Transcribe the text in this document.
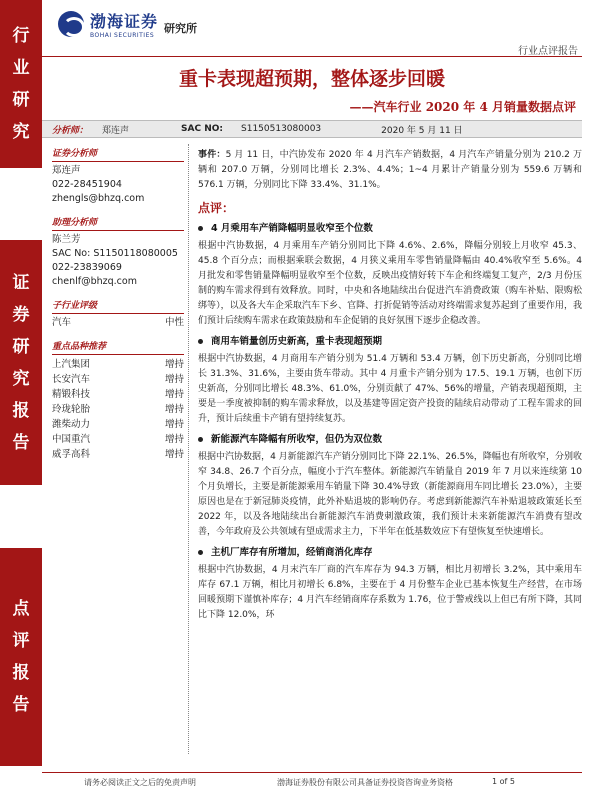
行
业
研
究
证
券
研
究
报
告
点
评
报
告
渤海证券
BOHAI SECURITIES
研究所
行业点评报告
重卡表现超预期，整体逐步回暖
——汽车行业 2020 年 4 月销量数据点评
分析师： 郑连声	SAC NO: S1150513080003	2020 年 5 月 11 日
证券分析师
郑连声
022-28451904
zhengls@bhzq.com
助理分析师
陈兰芳
SAC No: S1150118080005
022-23839069
chenlf@bhzq.com
子行业评级
汽车	中性
重点品种推荐
上汽集团	增持
长安汽车	增持
精锻科技	增持
玲珑轮胎	增持
潍柴动力	增持
中国重汽	增持
威孚高科	增持

事件：5 月 11 日，中汽协发布 2020 年 4 月汽车产销数据，4 月汽车产销量分别为 210.2 万辆和 207.0 万辆，分别同比增长 2.3%、4.4%；1~4 月累计产销量分别为 559.6 万辆和 576.1 万辆，分别同比下降 33.4%、31.1%。

点评：
4 月乘用车产销降幅明显收窄至个位数

根据中汽协数据，4 月乘用车产销分别同比下降 4.6%、2.6%，降幅分别较上月收窄 45.3、45.8 个百分点；而根据乘联会数据，4 月狭义乘用车零售销量降幅由 40.4%收窄至 5.6%。4 月批发和零售销量降幅明显收窄至个位数，反映出疫情好转下车企和终端复工复产，2/3 月份压制的购车需求得到有效释放。同时，中央和各地陆续出台促进汽车消费政策（购车补贴、限购松绑等），以及各大车企采取汽车下乡、官降、打折促销等活动对终端需求复苏起到了重要作用，我们预计后续购车需求在政策鼓励和车企促销的良好氛围下逐步企稳改善。

商用车销量创历史新高，重卡表现超预期

根据中汽协数据，4 月商用车产销分别为 51.4 万辆和 53.4 万辆，创下历史新高，分别同比增长 31.3%、31.6%，主要由货车带动。其中 4 月重卡产销分别为 17.5、19.1 万辆，也创下历史新高，分别同比增长 48.3%、61.0%，分别贡献了 47%、56%的增量，产销表现超预期，主要是一季度被抑制的购车需求释放，以及基建等固定资产投资的陆续启动带动了工程车需求的回升，预计后续重卡产销有望持续复苏。

新能源汽车降幅有所收窄，但仍为双位数

根据中汽协数据，4 月新能源汽车产销分别同比下降 22.1%、26.5%，降幅也有所收窄，分别收窄 34.8、26.7 个百分点，幅度小于汽车整体。新能源汽车销量自 2019 年 7 月以来连续第 10 个月负增长，主要是新能源乘用车销量下降 30.4%导致（新能源商用车同比增长 23.0%），主要原因也是在于新冠肺炎疫情，此外补贴退坡的影响仍存。考虑到新能源汽车补贴退坡政策延长至 2022 年，以及各地陆续出台新能源汽车消费刺激政策，我们预计未来新能源汽车消费有望改善，今年政府及公共领域有望成需求主力，下半年在低基数效应下有望恢复至快速增长。

主机厂库存有所增加，经销商消化库存

根据中汽协数据，4 月末汽车厂商的汽车库存为 94.3 万辆，相比月初增长 3.2%，其中乘用车库存 67.1 万辆，相比月初增长 6.8%，主要在于 4 月份整车企业已基本恢复生产经营，在市场回暖预期下谨慎补库存；4 月汽车经销商库存系数为 1.76，位于警戒线以上但已有所下降，其同比下降 12.0%，环

请务必阅读正文之后的免责声明	渤海证券股份有限公司具备证券投资咨询业务资格	1 of 5
